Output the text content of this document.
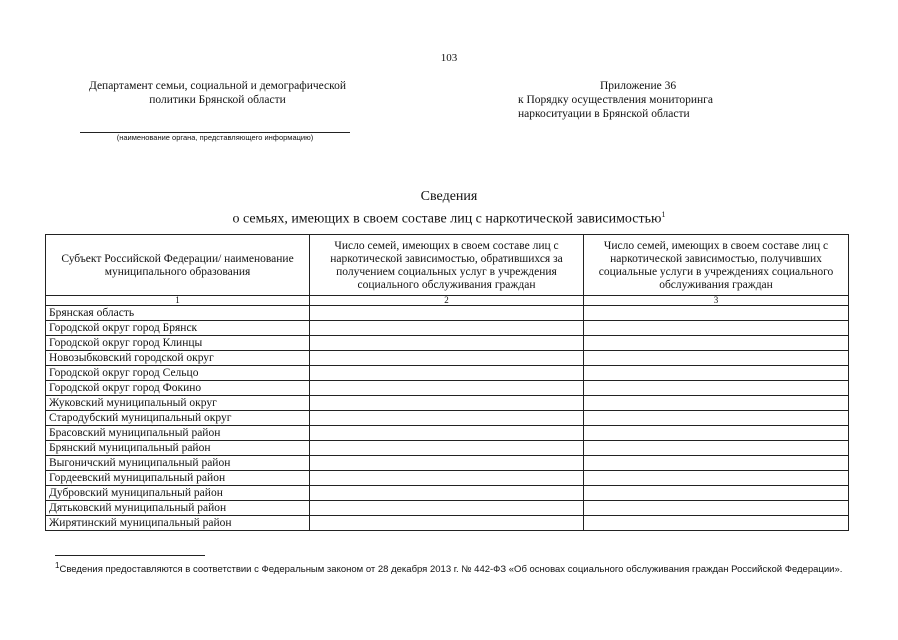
103
Департамент семьи, социальной и демографической
политики Брянской области
Приложение 36
к Порядку осуществления мониторинга
наркоситуации в Брянской области
(наименование органа, представляющего информацию)
Сведения
о семьях, имеющих в своем составе лиц с наркотической зависимостью$^1$
Субъект Российской Федерации/ наименование муниципального образования	Число семей, имеющих в своем составе лиц с наркотической зависимостью, обратившихся за получением социальных услуг в учреждения социального обслуживания граждан	Число семей, имеющих в своем составе лиц с наркотической зависимостью, получивших социальные услуги в учреждениях социального обслуживания граждан
1	2	3
Брянская область		
Городской округ город Брянск		
Городской округ город Клинцы		
Новозыбковский городской округ		
Городской округ город Сельцо		
Городской округ город Фокино		
Жуковский муниципальный округ		
Стародубский муниципальный округ		
Брасовский муниципальный район		
Брянский муниципальный район		
Выгоничский муниципальный район		
Гордеевский муниципальный район		
Дубровский муниципальный район		
Дятьковский муниципальный район		
Жирятинский муниципальный район		
$^1$Сведения предоставляются в соответствии с Федеральным законом от 28 декабря 2013 г. № 442-ФЗ «Об основах социального обслуживания граждан Российской Федерации».
